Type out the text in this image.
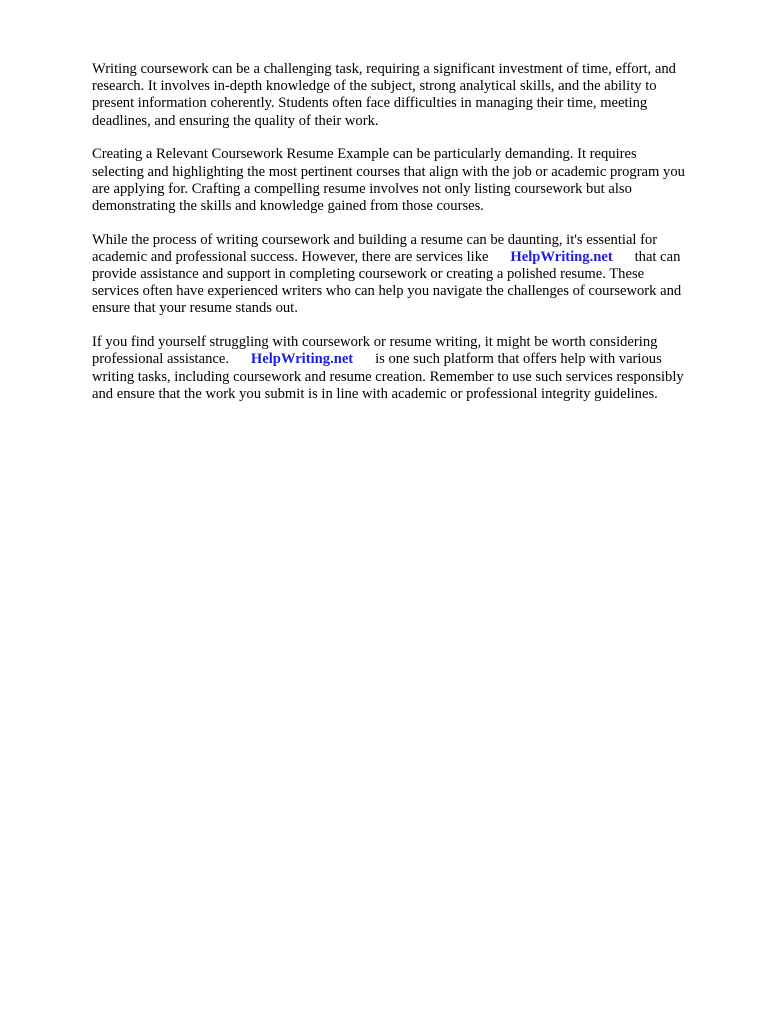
Writing coursework can be a challenging task, requiring a significant investment of time, effort, and
research. It involves in-depth knowledge of the subject, strong analytical skills, and the ability to
present information coherently. Students often face difficulties in managing their time, meeting
deadlines, and ensuring the quality of their work.

Creating a Relevant Coursework Resume Example can be particularly demanding. It requires
selecting and highlighting the most pertinent courses that align with the job or academic program you
are applying for. Crafting a compelling resume involves not only listing coursework but also
demonstrating the skills and knowledge gained from those courses.

While the process of writing coursework and building a resume can be daunting, it's essential for
academic and professional success. However, there are services like      HelpWriting.net      that can
provide assistance and support in completing coursework or creating a polished resume. These
services often have experienced writers who can help you navigate the challenges of coursework and
ensure that your resume stands out.

If you find yourself struggling with coursework or resume writing, it might be worth considering
professional assistance.      HelpWriting.net      is one such platform that offers help with various
writing tasks, including coursework and resume creation. Remember to use such services responsibly
and ensure that the work you submit is in line with academic or professional integrity guidelines.
